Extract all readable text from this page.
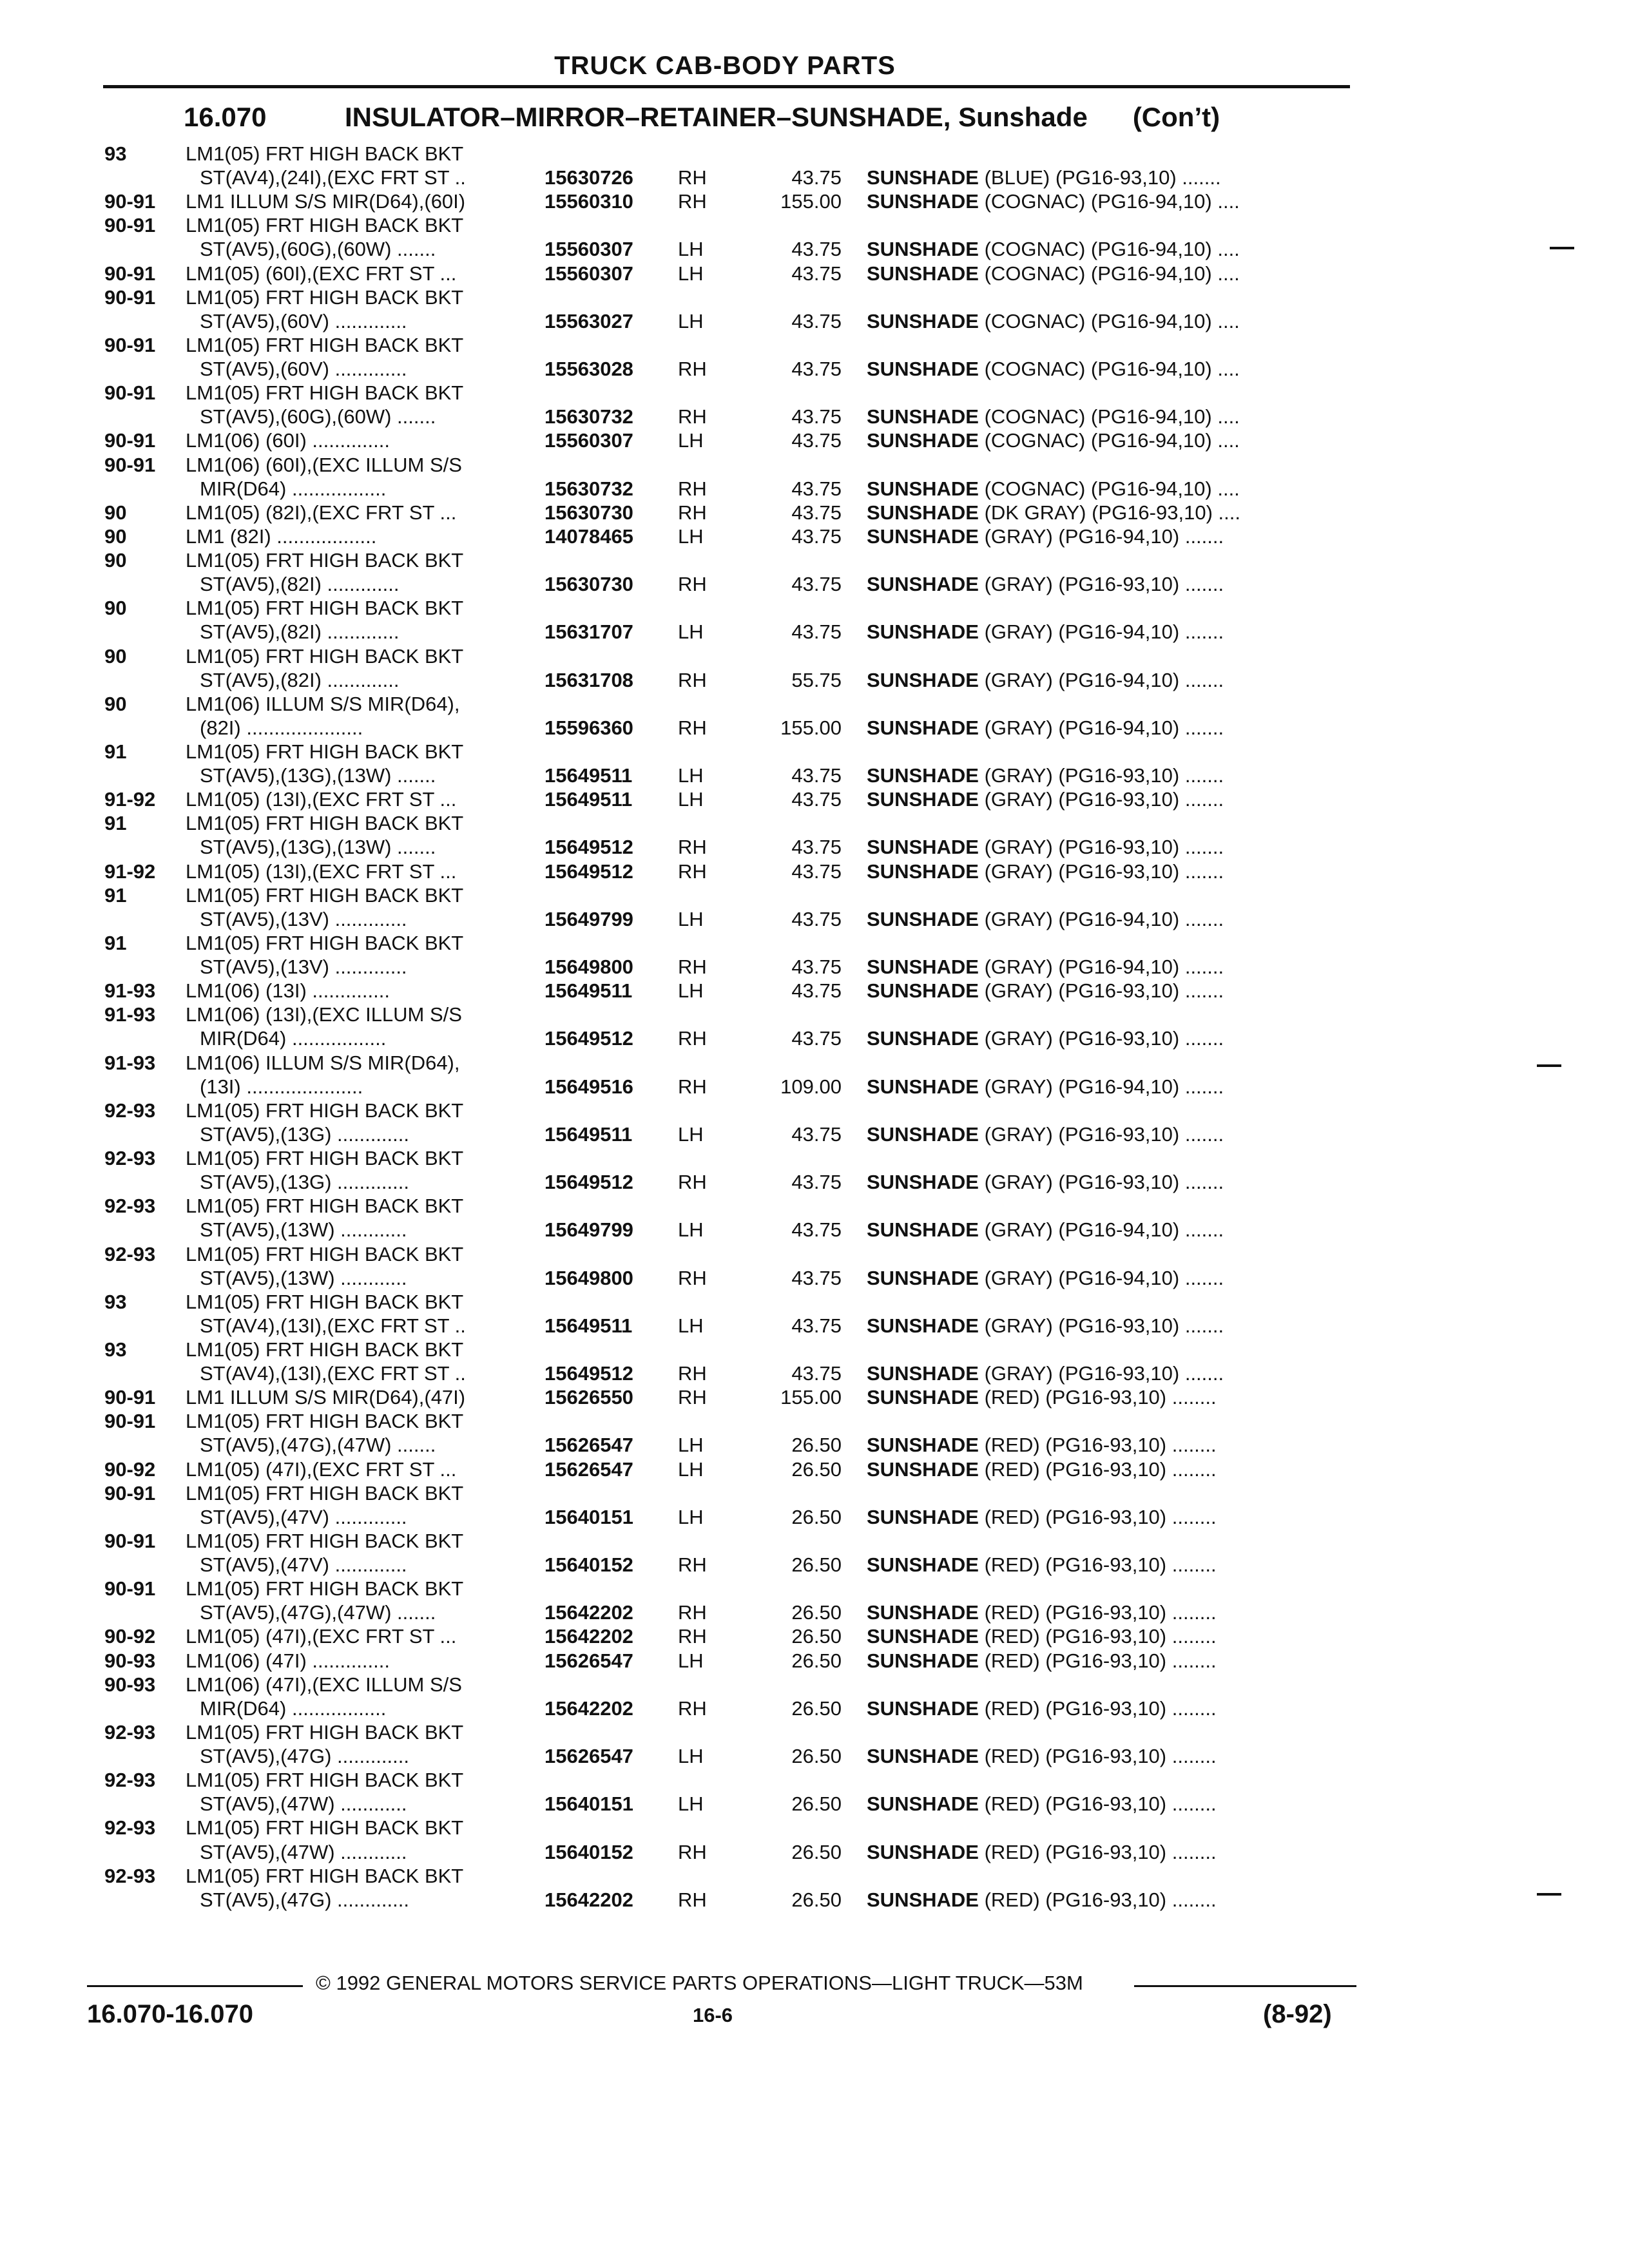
TRUCK CAB-BODY PARTS
16.070	INSULATOR–MIRROR–RETAINER–SUNSHADE, Sunshade (Con’t)
93	LM1(05) FRT HIGH BACK BKT
ST(AV4),(24I),(EXC FRT ST ..	15630726 RH	43.75 SUNSHADE (BLUE) (PG16-93,10) .......
90-91	LM1 ILLUM S/S MIR(D64),(60I)	15560310 RH	155.00 SUNSHADE (COGNAC) (PG16-94,10) ....
90-91	LM1(05) FRT HIGH BACK BKT
ST(AV5),(60G),(60W) .......	15560307 LH	43.75 SUNSHADE (COGNAC) (PG16-94,10) ....
90-91	LM1(05) (60I),(EXC FRT ST ...	15560307 LH	43.75 SUNSHADE (COGNAC) (PG16-94,10) ....
90-91	LM1(05) FRT HIGH BACK BKT
ST(AV5),(60V) .............	15563027 LH	43.75 SUNSHADE (COGNAC) (PG16-94,10) ....
90-91	LM1(05) FRT HIGH BACK BKT
ST(AV5),(60V) .............	15563028 RH	43.75 SUNSHADE (COGNAC) (PG16-94,10) ....
90-91	LM1(05) FRT HIGH BACK BKT
ST(AV5),(60G),(60W) .......	15630732 RH	43.75 SUNSHADE (COGNAC) (PG16-94,10) ....
90-91	LM1(06) (60I) ..............	15560307 LH	43.75 SUNSHADE (COGNAC) (PG16-94,10) ....
90-91	LM1(06) (60I),(EXC ILLUM S/S
MIR(D64) .................	15630732 RH	43.75 SUNSHADE (COGNAC) (PG16-94,10) ....
90	LM1(05) (82I),(EXC FRT ST ...	15630730 RH	43.75 SUNSHADE (DK GRAY) (PG16-93,10) ....
90	LM1 (82I) ..................	14078465 LH	43.75 SUNSHADE (GRAY) (PG16-94,10) .......
90	LM1(05) FRT HIGH BACK BKT
ST(AV5),(82I) .............	15630730 RH	43.75 SUNSHADE (GRAY) (PG16-93,10) .......
90	LM1(05) FRT HIGH BACK BKT
ST(AV5),(82I) .............	15631707 LH	43.75 SUNSHADE (GRAY) (PG16-94,10) .......
90	LM1(05) FRT HIGH BACK BKT
ST(AV5),(82I) .............	15631708 RH	55.75 SUNSHADE (GRAY) (PG16-94,10) .......
90	LM1(06) ILLUM S/S MIR(D64),
(82I) .....................	15596360 RH	155.00 SUNSHADE (GRAY) (PG16-94,10) .......
91	LM1(05) FRT HIGH BACK BKT
ST(AV5),(13G),(13W) .......	15649511 LH	43.75 SUNSHADE (GRAY) (PG16-93,10) .......
91-92	LM1(05) (13I),(EXC FRT ST ...	15649511 LH	43.75 SUNSHADE (GRAY) (PG16-93,10) .......
91	LM1(05) FRT HIGH BACK BKT
ST(AV5),(13G),(13W) .......	15649512 RH	43.75 SUNSHADE (GRAY) (PG16-93,10) .......
91-92	LM1(05) (13I),(EXC FRT ST ...	15649512 RH	43.75 SUNSHADE (GRAY) (PG16-93,10) .......
91	LM1(05) FRT HIGH BACK BKT
ST(AV5),(13V) .............	15649799 LH	43.75 SUNSHADE (GRAY) (PG16-94,10) .......
91	LM1(05) FRT HIGH BACK BKT
ST(AV5),(13V) .............	15649800 RH	43.75 SUNSHADE (GRAY) (PG16-94,10) .......
91-93	LM1(06) (13I) ..............	15649511 LH	43.75 SUNSHADE (GRAY) (PG16-93,10) .......
91-93	LM1(06) (13I),(EXC ILLUM S/S
MIR(D64) .................	15649512 RH	43.75 SUNSHADE (GRAY) (PG16-93,10) .......
91-93	LM1(06) ILLUM S/S MIR(D64),
(13I) .....................	15649516 RH	109.00 SUNSHADE (GRAY) (PG16-94,10) .......
92-93	LM1(05) FRT HIGH BACK BKT
ST(AV5),(13G) .............	15649511 LH	43.75 SUNSHADE (GRAY) (PG16-93,10) .......
92-93	LM1(05) FRT HIGH BACK BKT
ST(AV5),(13G) .............	15649512 RH	43.75 SUNSHADE (GRAY) (PG16-93,10) .......
92-93	LM1(05) FRT HIGH BACK BKT
ST(AV5),(13W) ............	15649799 LH	43.75 SUNSHADE (GRAY) (PG16-94,10) .......
92-93	LM1(05) FRT HIGH BACK BKT
ST(AV5),(13W) ............	15649800 RH	43.75 SUNSHADE (GRAY) (PG16-94,10) .......
93	LM1(05) FRT HIGH BACK BKT
ST(AV4),(13I),(EXC FRT ST ..	15649511 LH	43.75 SUNSHADE (GRAY) (PG16-93,10) .......
93	LM1(05) FRT HIGH BACK BKT
ST(AV4),(13I),(EXC FRT ST ..	15649512 RH	43.75 SUNSHADE (GRAY) (PG16-93,10) .......
90-91	LM1 ILLUM S/S MIR(D64),(47I)	15626550 RH	155.00 SUNSHADE (RED) (PG16-93,10) ........
90-91	LM1(05) FRT HIGH BACK BKT
ST(AV5),(47G),(47W) .......	15626547 LH	26.50 SUNSHADE (RED) (PG16-93,10) ........
90-92	LM1(05) (47I),(EXC FRT ST ...	15626547 LH	26.50 SUNSHADE (RED) (PG16-93,10) ........
90-91	LM1(05) FRT HIGH BACK BKT
ST(AV5),(47V) .............	15640151 LH	26.50 SUNSHADE (RED) (PG16-93,10) ........
90-91	LM1(05) FRT HIGH BACK BKT
ST(AV5),(47V) .............	15640152 RH	26.50 SUNSHADE (RED) (PG16-93,10) ........
90-91	LM1(05) FRT HIGH BACK BKT
ST(AV5),(47G),(47W) .......	15642202 RH	26.50 SUNSHADE (RED) (PG16-93,10) ........
90-92	LM1(05) (47I),(EXC FRT ST ...	15642202 RH	26.50 SUNSHADE (RED) (PG16-93,10) ........
90-93	LM1(06) (47I) ..............	15626547 LH	26.50 SUNSHADE (RED) (PG16-93,10) ........
90-93	LM1(06) (47I),(EXC ILLUM S/S
MIR(D64) .................	15642202 RH	26.50 SUNSHADE (RED) (PG16-93,10) ........
92-93	LM1(05) FRT HIGH BACK BKT
ST(AV5),(47G) .............	15626547 LH	26.50 SUNSHADE (RED) (PG16-93,10) ........
92-93	LM1(05) FRT HIGH BACK BKT
ST(AV5),(47W) ............	15640151 LH	26.50 SUNSHADE (RED) (PG16-93,10) ........
92-93	LM1(05) FRT HIGH BACK BKT
ST(AV5),(47W) ............	15640152 RH	26.50 SUNSHADE (RED) (PG16-93,10) ........
92-93	LM1(05) FRT HIGH BACK BKT
ST(AV5),(47G) .............	15642202 RH	26.50 SUNSHADE (RED) (PG16-93,10) ........
© 1992 GENERAL MOTORS SERVICE PARTS OPERATIONS—LIGHT TRUCK—53M
16.070-16.070	16-6	(8-92)
